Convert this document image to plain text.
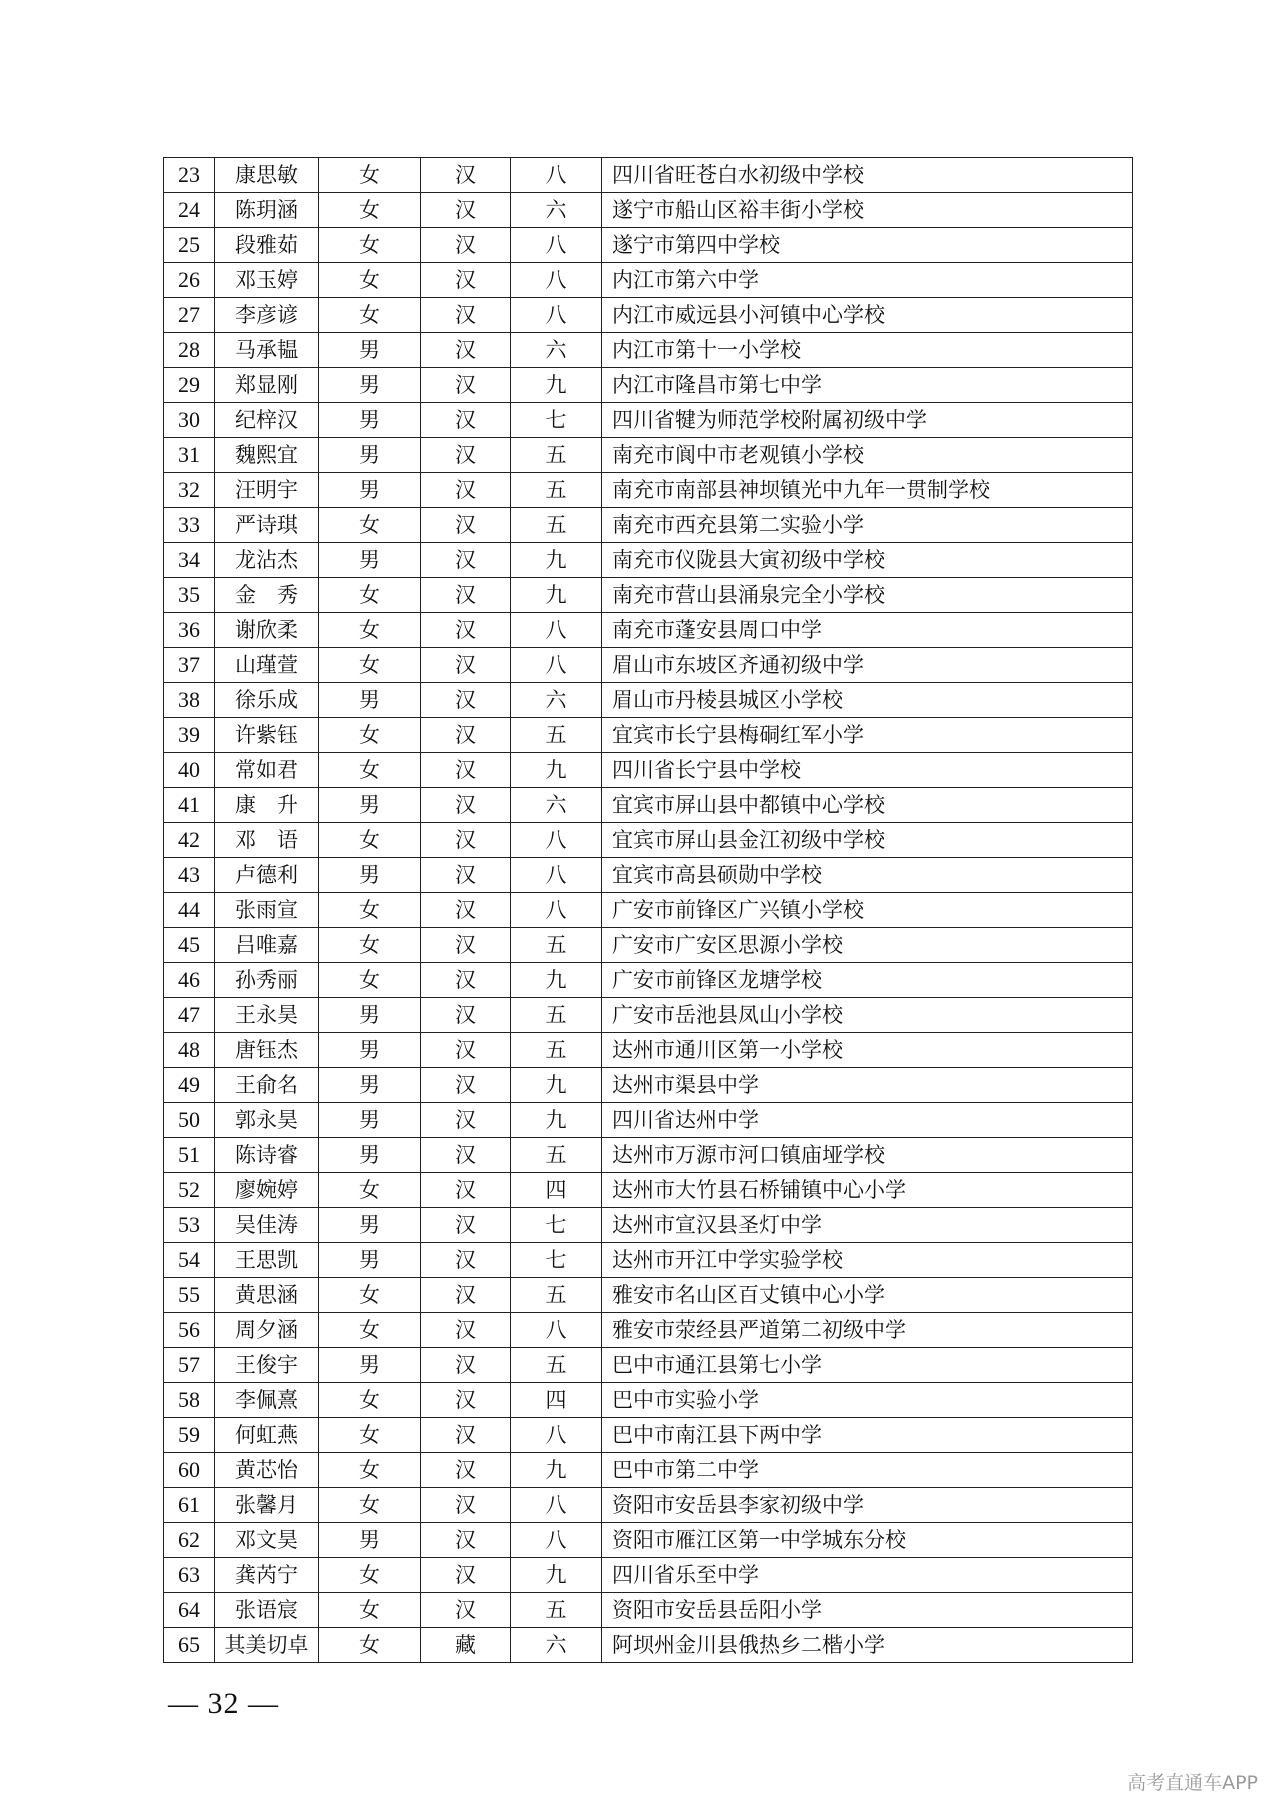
23	康思敏	女	汉	八	四川省旺苍白水初级中学校
24	陈玥涵	女	汉	六	遂宁市船山区裕丰街小学校
25	段雅茹	女	汉	八	遂宁市第四中学校
26	邓玉婷	女	汉	八	内江市第六中学
27	李彦谚	女	汉	八	内江市威远县小河镇中心学校
28	马承韫	男	汉	六	内江市第十一小学校
29	郑显刚	男	汉	九	内江市隆昌市第七中学
30	纪梓汉	男	汉	七	四川省犍为师范学校附属初级中学
31	魏熙宜	男	汉	五	南充市阆中市老观镇小学校
32	汪明宇	男	汉	五	南充市南部县神坝镇光中九年一贯制学校
33	严诗琪	女	汉	五	南充市西充县第二实验小学
34	龙沾杰	男	汉	九	南充市仪陇县大寅初级中学校
35	金　秀	女	汉	九	南充市营山县涌泉完全小学校
36	谢欣柔	女	汉	八	南充市蓬安县周口中学
37	山瑾萱	女	汉	八	眉山市东坡区齐通初级中学
38	徐乐成	男	汉	六	眉山市丹棱县城区小学校
39	许紫钰	女	汉	五	宜宾市长宁县梅硐红军小学
40	常如君	女	汉	九	四川省长宁县中学校
41	康　升	男	汉	六	宜宾市屏山县中都镇中心学校
42	邓　语	女	汉	八	宜宾市屏山县金江初级中学校
43	卢德利	男	汉	八	宜宾市高县硕勋中学校
44	张雨宣	女	汉	八	广安市前锋区广兴镇小学校
45	吕唯嘉	女	汉	五	广安市广安区思源小学校
46	孙秀丽	女	汉	九	广安市前锋区龙塘学校
47	王永昊	男	汉	五	广安市岳池县凤山小学校
48	唐钰杰	男	汉	五	达州市通川区第一小学校
49	王俞名	男	汉	九	达州市渠县中学
50	郭永昊	男	汉	九	四川省达州中学
51	陈诗睿	男	汉	五	达州市万源市河口镇庙垭学校
52	廖婉婷	女	汉	四	达州市大竹县石桥铺镇中心小学
53	吴佳涛	男	汉	七	达州市宣汉县圣灯中学
54	王思凯	男	汉	七	达州市开江中学实验学校
55	黄思涵	女	汉	五	雅安市名山区百丈镇中心小学
56	周夕涵	女	汉	八	雅安市荥经县严道第二初级中学
57	王俊宇	男	汉	五	巴中市通江县第七小学
58	李佩熹	女	汉	四	巴中市实验小学
59	何虹燕	女	汉	八	巴中市南江县下两中学
60	黄芯怡	女	汉	九	巴中市第二中学
61	张馨月	女	汉	八	资阳市安岳县李家初级中学
62	邓文昊	男	汉	八	资阳市雁江区第一中学城东分校
63	龚芮宁	女	汉	九	四川省乐至中学
64	张语宸	女	汉	五	资阳市安岳县岳阳小学
65	其美切卓	女	藏	六	阿坝州金川县俄热乡二楷小学
— 32 —
高考直通车APP
